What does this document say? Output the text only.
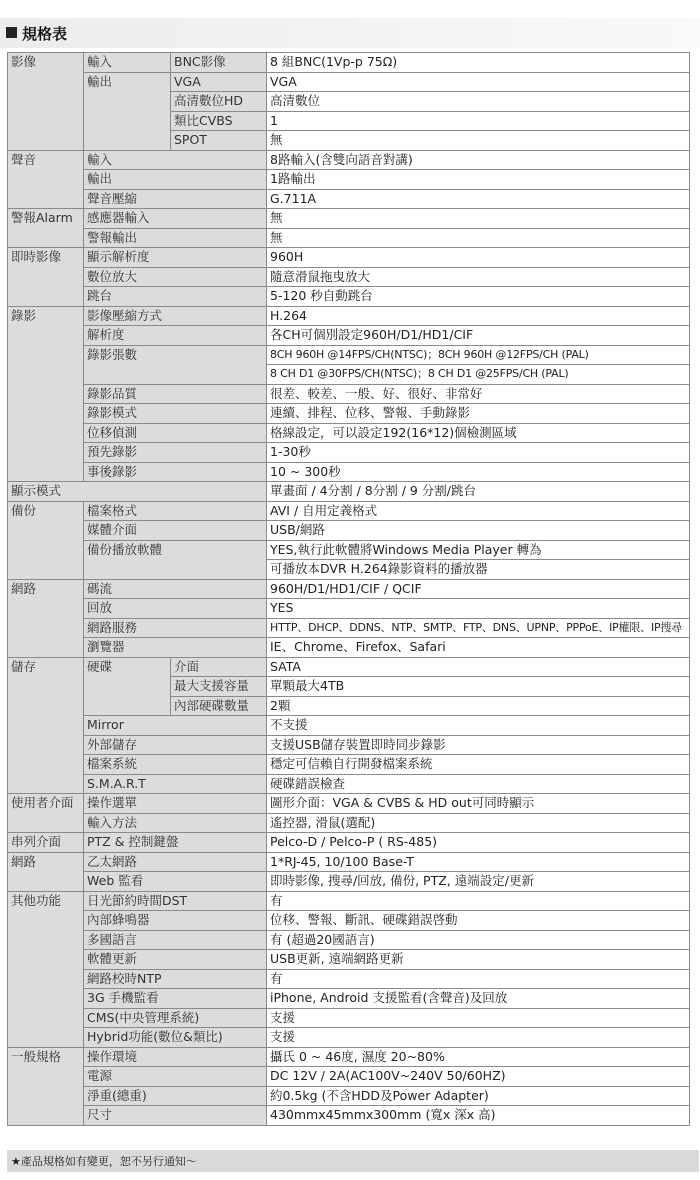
規格表
影像	輸入	BNC影像	8 組BNC(1Vp-p 75Ω)
	輸出	VGA	VGA
		高清數位HD	高清數位
		類比CVBS	1
		SPOT	無
聲音	輸入		8路輸入(含雙向語音對講)
	輸出		1路輸出
	聲音壓縮		G.711A
警報Alarm	感應器輸入		無
	警報輸出		無
即時影像	顯示解析度		960H
	數位放大		隨意滑鼠拖曳放大
	跳台		5-120 秒自動跳台
錄影	影像壓縮方式		H.264
	解析度		各CH可個別設定960H/D1/HD1/CIF
	錄影張數		8CH 960H @14FPS/CH(NTSC)；8CH 960H @12FPS/CH (PAL)
			8 CH D1 @30FPS/CH(NTSC)；8 CH D1 @25FPS/CH (PAL)
	錄影品質		很差、較差、一般、好、很好、非常好
	錄影模式		連續、排程、位移、警報、手動錄影
	位移偵測		格線設定，可以設定192(16*12)個檢測區域
	預先錄影		1-30秒
	事後錄影		10 ~ 300秒
顯示模式			單畫面 / 4分割 / 8分割 / 9 分割/跳台
備份	檔案格式		AVI / 自用定義格式
	媒體介面		USB/網路
	備份播放軟體		YES,執行此軟體將Windows Media Player 轉為
			可播放本DVR H.264錄影資料的播放器
網路	碼流		960H/D1/HD1/CIF / QCIF
	回放		YES
	網路服務		HTTP、DHCP、DDNS、NTP、SMTP、FTP、DNS、UPNP、PPPoE、IP權限、IP搜尋
	瀏覽器		IE、Chrome、Firefox、Safari
儲存	硬碟	介面	SATA
		最大支援容量	單顆最大4TB
		內部硬碟數量	2顆
	Mirror		不支援
	外部儲存		支援USB儲存裝置即時同步錄影
	檔案系統		穩定可信賴自行開發檔案系統
	S.M.A.R.T		硬碟錯誤檢查
使用者介面	操作選單		圖形介面：VGA & CVBS & HD out可同時顯示
	輸入方法		遙控器, 滑鼠(選配)
串列介面	PTZ & 控制鍵盤		Pelco-D / Pelco-P ( RS-485)
網路	乙太網路		1*RJ-45, 10/100 Base-T
	Web 監看		即時影像, 搜尋/回放, 備份, PTZ, 遠端設定/更新
其他功能	日光節約時間DST		有
	內部蜂鳴器		位移、警報、斷訊、硬碟錯誤啓動
	多國語言		有 (超過20國語言)
	軟體更新		USB更新, 遠端網路更新
	網路校時NTP		有
	3G 手機監看		iPhone, Android 支援監看(含聲音)及回放
	CMS(中央管理系統)		支援
	Hybrid功能(數位&類比)		支援
一般規格	操作環境		攝氏 0 ~ 46度, 濕度 20~80%
	電源		DC 12V / 2A(AC100V~240V 50/60HZ)
	淨重(總重)		約0.5kg (不含HDD及Power Adapter)
	尺寸		430mmx45mmx300mm (寬x 深x 高)
★產品規格如有變更，恕不另行通知〜
